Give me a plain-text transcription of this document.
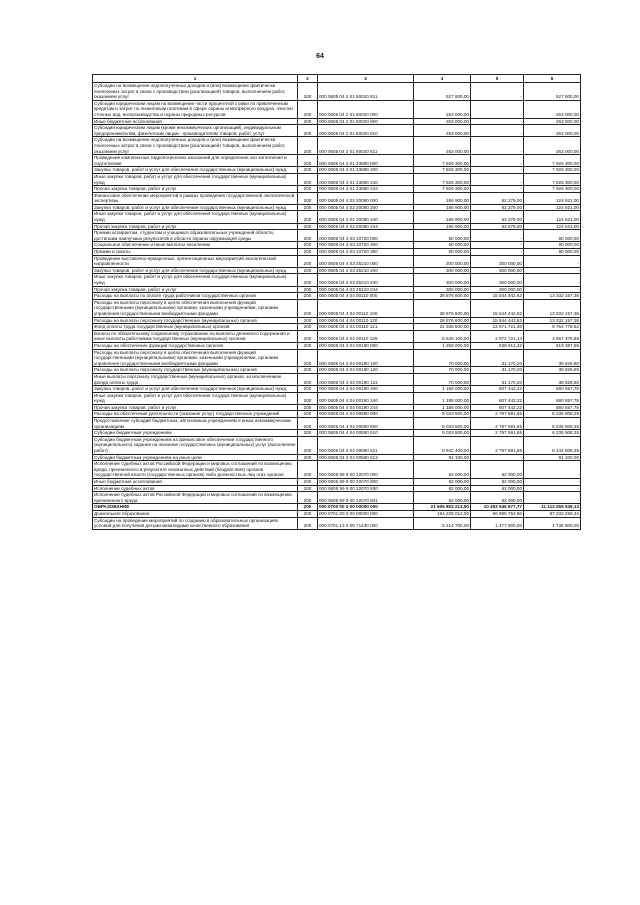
64
1	2	3	4	5	6
Субсидии на возмещение недополученных доходов и (или) возмещение фактически понесенных затрат в связи с производством (реализацией) товаров, выполнением работ, оказанием услуг	200	000 0605 04 2 01 60010 811	527 600,00	-	527 600,00
Субсидии юридическим лицам на возмещение части процентной ставки по привлеченным кредитам и затрат по лизинговым платежам в сфере охраны атмосферного воздуха, очистки сточных вод, воспроизводства и охраны природных ресурсов	200	000 0605 04 2 01 60020 000	263 000,00	-	263 000,00
Иные бюджетные ассигнования	200	000 0605 04 2 01 60020 800	263 000,00	-	263 000,00
Субсидии юридическим лицам (кроме некоммерческих организаций), индивидуальным предпринимателям, физическим лицам - производителям товаров, работ, услуг	200	000 0605 04 2 01 60020 810	263 000,00	-	263 000,00
Субсидии на возмещение недополученных доходов и (или) возмещение фактически понесенных затрат в связи с производством (реализацией) товаров, выполнением работ, оказанием услуг	200	000 0605 04 2 01 60020 811	263 000,00	-	263 000,00
Проведение комплексных гидрологических изысканий для определения зон затопления и подтопления	200	000 0605 04 4 01 23680 000	7 926 300,00	-	7 926 300,00
Закупка товаров, работ и услуг для обеспечения государственных (муниципальных) нужд	200	000 0605 04 4 01 23680 200	7 926 300,00	-	7 926 300,00
Иные закупки товаров, работ и услуг для обеспечения государственных (муниципальных) нужд	200	000 0605 04 4 01 23680 240	7 926 300,00	-	7 926 300,00
Прочая закупка товаров, работ и услуг	200	000 0605 04 4 01 23680 244	7 926 300,00	-	7 926 300,00
Финансовое обеспечение мероприятий в рамках проведения государственной экологической экспертизы	200	000 0605 04 4 02 20080 000	186 900,00	62 279,00	124 621,00
Закупка товаров, работ и услуг для обеспечения государственных (муниципальных) нужд	200	000 0605 04 4 02 20080 200	186 900,00	62 279,00	124 621,00
Иные закупки товаров, работ и услуг для обеспечения государственных (муниципальных) нужд	200	000 0605 04 4 02 20080 240	186 900,00	62 279,00	124 621,00
Прочая закупка товаров, работ и услуг	200	000 0605 04 4 02 20080 244	186 900,00	62 279,00	124 621,00
Премии аспирантам, студентам и учащимся образовательных учреждений области, достигшим наилучших результатов в области охраны окружающей среды	200	000 0605 04 4 03 10720 000	60 000,00	-	60 000,00
Социальное обеспечение и иные выплаты населению	200	000 0605 04 4 03 10720 300	60 000,00	-	60 000,00
Премии и гранты	200	000 0605 04 4 03 10720 350	60 000,00	-	60 000,00
Проведение выставочно-ярмарочных, презентационных мероприятий экологической направленности	200	000 0605 04 4 03 25210 000	300 000,00	300 000,00	-
Закупка товаров, работ и услуг для обеспечения государственных (муниципальных) нужд	200	000 0605 04 4 03 25210 200	300 000,00	300 000,00	-
Иные закупки товаров, работ и услуг для обеспечения государственных (муниципальных) нужд	200	000 0605 04 4 03 25210 240	300 000,00	300 000,00	-
Прочая закупка товаров, работ и услуг	200	000 0605 04 4 03 25210 244	300 000,00	300 000,00	-
Расходы на выплаты по оплате труда работников государственных органов	200	000 0605 04 4 04 00110 000	28 876 600,00	15 544 442,62	13 332 157,38
Расходы на выплаты персоналу в целях обеспечения выполнения функций государственными (муниципальными) органами, казенными учреждениями, органами управления государственными внебюджетными фондами	200	000 0605 04 4 04 00110 100	28 876 600,00	15 544 442,62	13 332 157,38
Расходы на выплаты персоналу государственных (муниципальных) органов	200	000 0605 04 4 04 00110 120	28 876 600,00	15 544 442,62	13 332 157,38
Фонд оплаты труда государственных (муниципальных) органов	200	000 0605 04 4 04 00110 121	22 336 500,00	12 571 721,48	9 764 778,52
Взносы по обязательному социальному страхованию на выплаты денежного содержания и иные выплаты работникам государственных (муниципальных) органов	200	000 0605 04 4 04 00110 129	6 540 100,00	2 972 721,14	3 567 378,86
Расходы на обеспечение функций государственных органов	200	000 0605 04 4 04 00190 000	1 258 000,00	638 612,42	619 387,58
Расходы на выплаты персоналу в целях обеспечения выполнения функций государственными (муниципальными) органами, казенными учреждениями, органами управления государственными внебюджетными фондами	200	000 0605 04 4 04 00190 100	70 000,00	31 170,20	38 829,80
Расходы на выплаты персоналу государственных (муниципальных) органов	200	000 0605 04 4 04 00190 120	70 000,00	31 170,20	38 829,80
Иные выплаты персоналу государственных (муниципальных) органов, за исключением фонда оплаты труда	200	000 0605 04 4 04 00190 122	70 000,00	31 170,20	38 829,80
Закупка товаров, работ и услуг для обеспечения государственных (муниципальных) нужд	200	000 0605 04 4 04 00190 200	1 188 000,00	607 442,22	580 557,78
Иные закупки товаров, работ и услуг для обеспечения государственных (муниципальных) нужд	200	000 0605 04 4 04 00190 240	1 188 000,00	607 442,22	580 557,78
Прочая закупка товаров, работ и услуг	200	000 0605 04 4 04 00190 244	1 188 000,00	607 442,22	580 557,78
Расходы на обеспечение деятельности (оказание услуг) государственных учреждений	200	000 0605 04 4 04 00590 000	9 033 500,00	2 797 591,65	6 235 908,35
Предоставление субсидий бюджетным, автономным учреждениям и иным некоммерческим организациям	200	000 0605 04 4 04 00590 600	9 033 500,00	2 797 591,65	6 235 908,35
Субсидии бюджетным учреждениям	200	000 0605 04 4 04 00590 610	9 033 500,00	2 797 591,65	6 235 908,35
Субсидии бюджетным учреждениям на финансовое обеспечение государственного (муниципального) задания на оказание государственных (муниципальных) услуг (выполнение работ)	200	000 0605 04 4 04 00590 611	8 942 400,00	2 797 591,65	6 144 808,35
Субсидии бюджетным учреждениям на иные цели	200	000 0605 04 4 04 00590 612	91 100,00	-	91 100,00
Исполнение судебных актов Российской Федерации и мировых соглашений по возмещению вреда, причиненного в результате незаконных действий (бездействия) органов государственной власти (государственных органов) либо должностных лиц этих органов	200	000 0605 99 9 00 22070 000	62 000,00	62 000,00	-
Иные бюджетные ассигнования	200	000 0605 99 9 00 22070 800	62 000,00	62 000,00	-
Исполнение судебных актов	200	000 0605 99 9 00 22070 830	62 000,00	62 000,00	-
Исполнение судебных актов Российской Федерации и мировых соглашений по возмещению причиненного вреда	200	000 0605 99 9 00 22070 831	62 000,00	62 000,00	-
ОБРАЗОВАНИЕ	200	000 0700 00 0 00 00000 000	21 605 802 213,90	10 493 546 677,77	11 112 255 536,13
Дошкольное образование	200	000 0701 00 0 00 00000 000	164 228 012,00	66 995 752,66	97 232 259,34
Субсидии на проведение мероприятий по созданию в образовательных организациях условий для получения детьми-инвалидами качественного образования	200	000 0701 13 4 05 71430 000	6 214 700,00	1 477 900,00	4 736 800,00
